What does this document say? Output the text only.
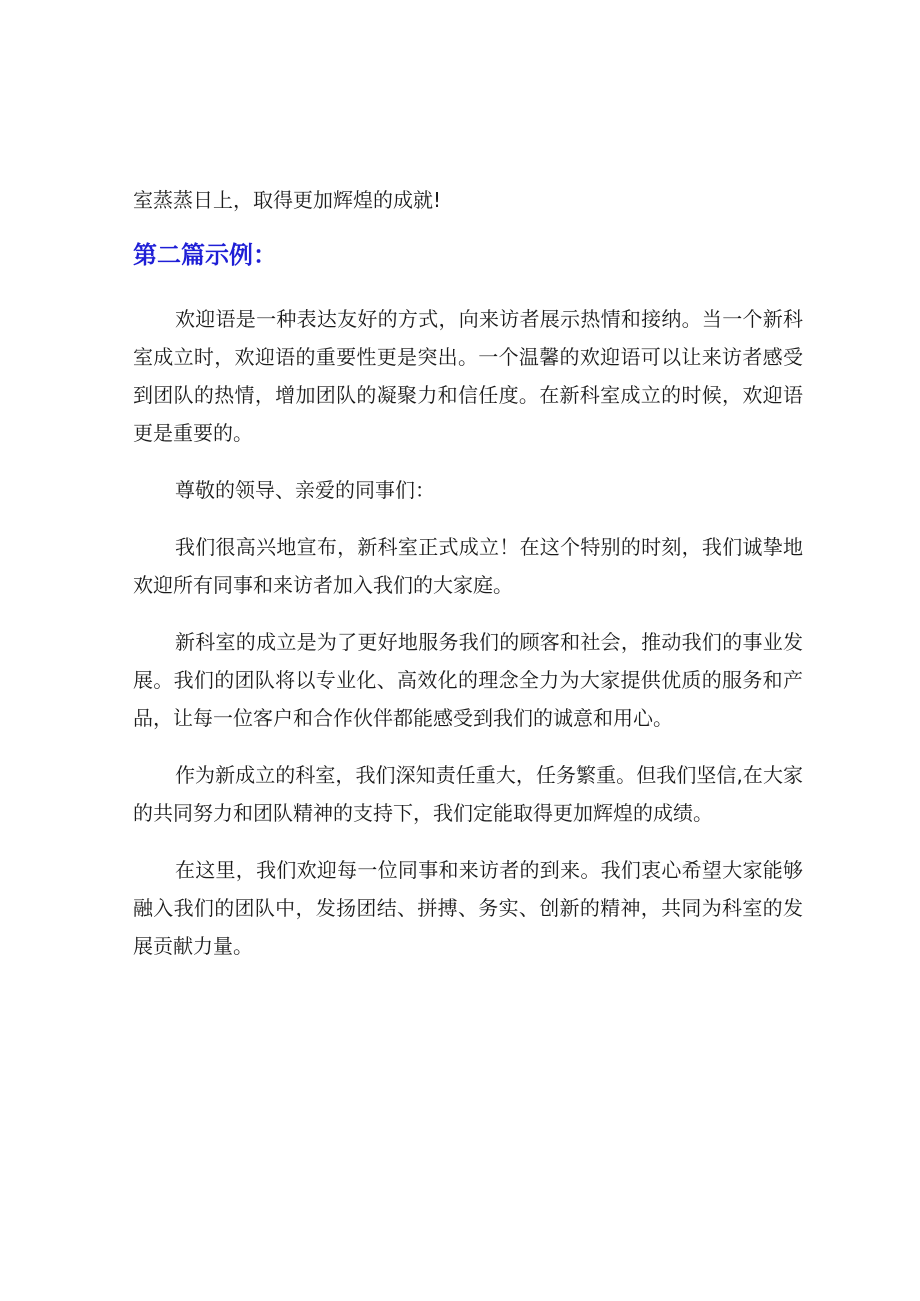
室蒸蒸日上，取得更加辉煌的成就!

第二篇示例：

欢迎语是一种表达友好的方式，向来访者展示热情和接纳。当一个新科室成立时，欢迎语的重要性更是突出。一个温馨的欢迎语可以让来访者感受到团队的热情，增加团队的凝聚力和信任度。在新科室成立的时候，欢迎语更是重要的。

尊敬的领导、亲爱的同事们：

我们很高兴地宣布，新科室正式成立！在这个特别的时刻，我们诚挚地欢迎所有同事和来访者加入我们的大家庭。

新科室的成立是为了更好地服务我们的顾客和社会，推动我们的事业发展。我们的团队将以专业化、高效化的理念全力为大家提供优质的服务和产品，让每一位客户和合作伙伴都能感受到我们的诚意和用心。

作为新成立的科室，我们深知责任重大，任务繁重。但我们坚信,在大家的共同努力和团队精神的支持下，我们定能取得更加辉煌的成绩。

在这里，我们欢迎每一位同事和来访者的到来。我们衷心希望大家能够融入我们的团队中，发扬团结、拼搏、务实、创新的精神，共同为科室的发展贡献力量。
